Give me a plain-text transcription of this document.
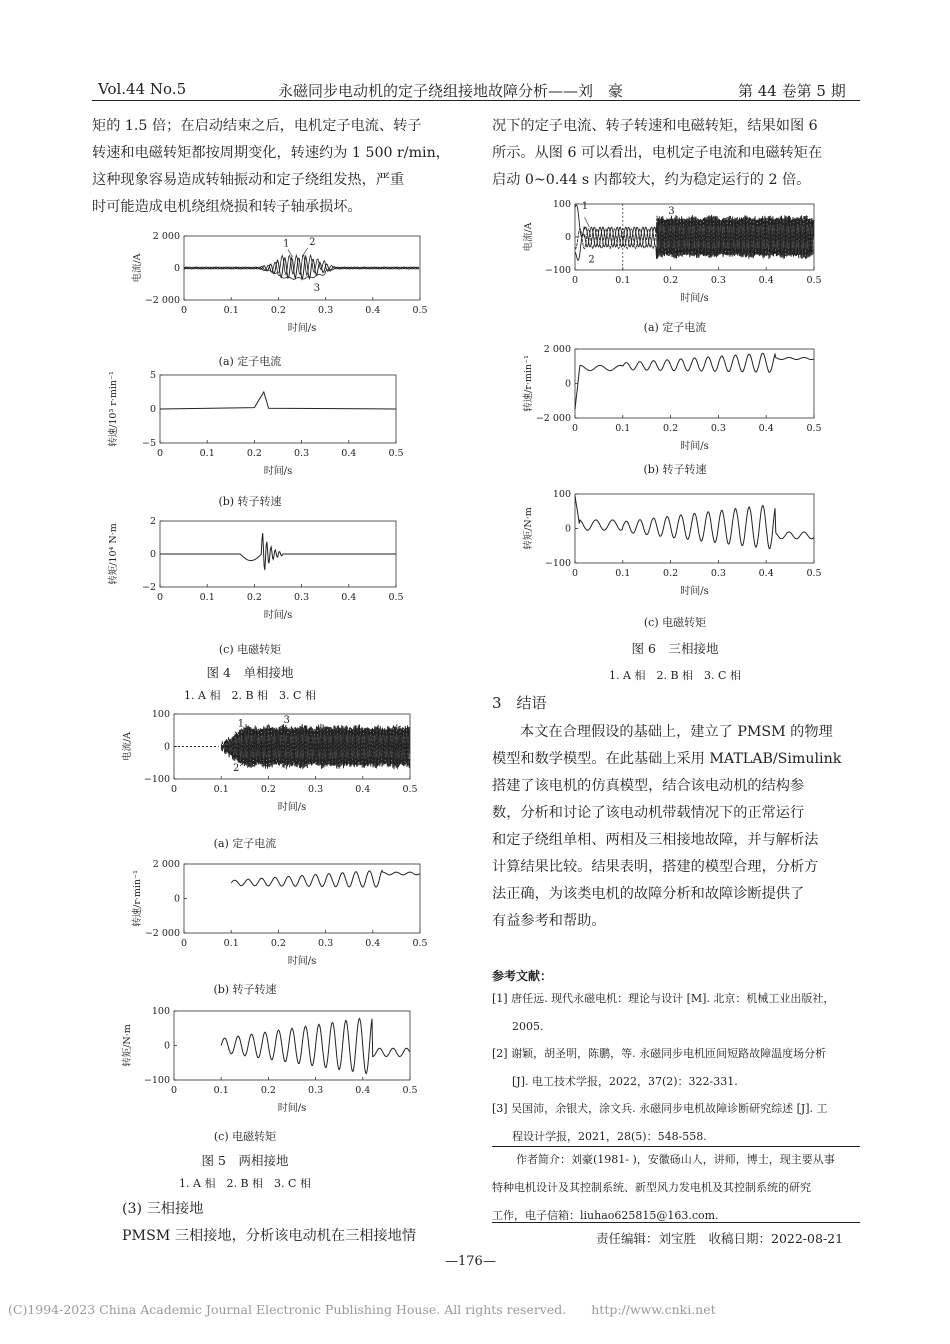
Vol.44 No.5	永磁同步电动机的定子绕组接地故障分析——刘　豪	第 44 卷第 5 期
矩的 1.5 倍；在启动结束之后，电机定子电流、转子
转速和电磁转矩都按周期变化，转速约为 1 500 r/min，
这种现象容易造成转轴振动和定子绕组发热，严重
时可能造成电机绕组烧损和转子轴承损坏。
况下的定子电流、转子转速和电磁转矩，结果如图 6
所示。从图 6 可以看出，电机定子电流和电磁转矩在
启动 0~0.44 s 内都较大，约为稳定运行的 2 倍。
0	0.1	0.2	0.3	0.4	0.5
2 000
0
−2 000
时间/s
电流/A
1 2
3
0	0.1	0.2	0.3	0.4	0.5
5
0
−5
时间/s
转速/10³ r·min⁻¹
0	0.1	0.2	0.3	0.4	0.5
2
0
−2
时间/s
转矩/10⁴ N·m
0	0.1	0.2	0.3	0.4	0.5
100
0
−100
时间/s
电流/A
1
2
3
0	0.1	0.2	0.3	0.4	0.5
2 000
0
−2 000
时间/s
转速/r·min⁻¹
0	0.1	0.2	0.3	0.4	0.5
100
0
−100
时间/s
转矩/N·m
0	0.1	0.2	0.3	0.4	0.5
100
0
−100
时间/s
电流/A
1
2
3
0	0.1	0.2	0.3	0.4	0.5
2 000
0
−2 000
时间/s
转速/r·min⁻¹
0	0.1	0.2	0.3	0.4	0.5
100
0
−100
时间/s
转矩/N·m
(a) 定子电流
(b) 转子转速
(c) 电磁转矩
图 4　单相接地
1. A 相　2. B 相　3. C 相
(a) 定子电流
(b) 转子转速
(c) 电磁转矩
图 5　两相接地
1. A 相　2. B 相　3. C 相
(3) 三相接地
PMSM 三相接地，分析该电动机在三相接地情
(a) 定子电流
(b) 转子转速
(c) 电磁转矩
图 6　三相接地
1. A 相　2. B 相　3. C 相
3　结语
本文在合理假设的基础上，建立了 PMSM 的物理
模型和数学模型。在此基础上采用 MATLAB/Simulink
搭建了该电机的仿真模型，结合该电动机的结构参
数，分析和讨论了该电动机带载情况下的正常运行
和定子绕组单相、两相及三相接地故障，并与解析法
计算结果比较。结果表明，搭建的模型合理，分析方
法正确，为该类电机的故障分析和故障诊断提供了
有益参考和帮助。
参考文献：
[1] 唐任远. 现代永磁电机：理论与设计 [M]. 北京：机械工业出版社，
2005.
[2] 谢颖，胡圣明，陈鹏，等. 永磁同步电机匝间短路故障温度场分析
[J]. 电工技术学报，2022，37(2)：322-331.
[3] 吴国沛，余银犬，涂文兵. 永磁同步电机故障诊断研究综述 [J]. 工
程设计学报，2021，28(5)：548-558.
作者简介：刘豪(1981- )，安徽砀山人，讲师，博士，现主要从事
特种电机设计及其控制系统、新型风力发电机及其控制系统的研究
工作，电子信箱：liuhao625815@163.com.
责任编辑：刘宝胜　收稿日期：2022-08-21
—176—
(C)1994-2023 China Academic Journal Electronic Publishing House. All rights reserved.　　http://www.cnki.net
